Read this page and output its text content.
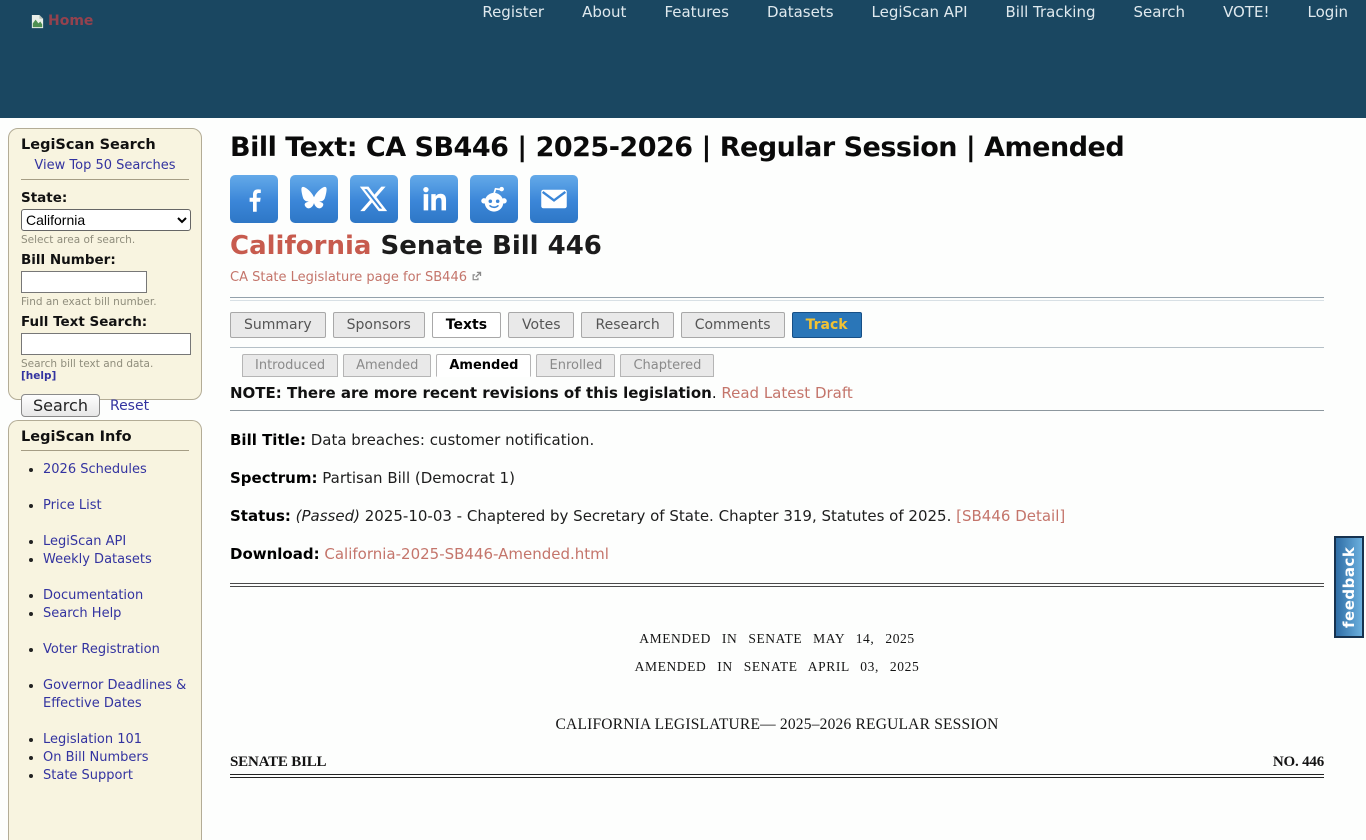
Home	Register	About	Features	Datasets	LegiScan API	Bill Tracking	Search	VOTE!	Login
LegiScan Search
View Top 50 Searches
State:
California
Select area of search.
Bill Number:
Find an exact bill number.
Full Text Search:
Search bill text and data. [help]
Search	Reset
LegiScan Info
• 2026 Schedules
• Price List
• LegiScan API
• Weekly Datasets
• Documentation
• Search Help
• Voter Registration
• Governor Deadlines & Effective Dates
• Legislation 101
• On Bill Numbers
• State Support
Bill Text: CA SB446 | 2025-2026 | Regular Session | Amended
California Senate Bill 446
CA State Legislature page for SB446
Summary	Sponsors	Texts	Votes	Research	Comments	Track
Introduced	Amended	Amended	Enrolled	Chaptered
NOTE: There are more recent revisions of this legislation. Read Latest Draft
Bill Title: Data breaches: customer notification.
Spectrum: Partisan Bill (Democrat 1)
Status: (Passed) 2025-10-03 - Chaptered by Secretary of State. Chapter 319, Statutes of 2025. [SB446 Detail]
Download: California-2025-SB446-Amended.html
AMENDED IN SENATE MAY 14, 2025
AMENDED IN SENATE APRIL 03, 2025
CALIFORNIA LEGISLATURE— 2025–2026 REGULAR SESSION
SENATE BILL	NO. 446
feedback
